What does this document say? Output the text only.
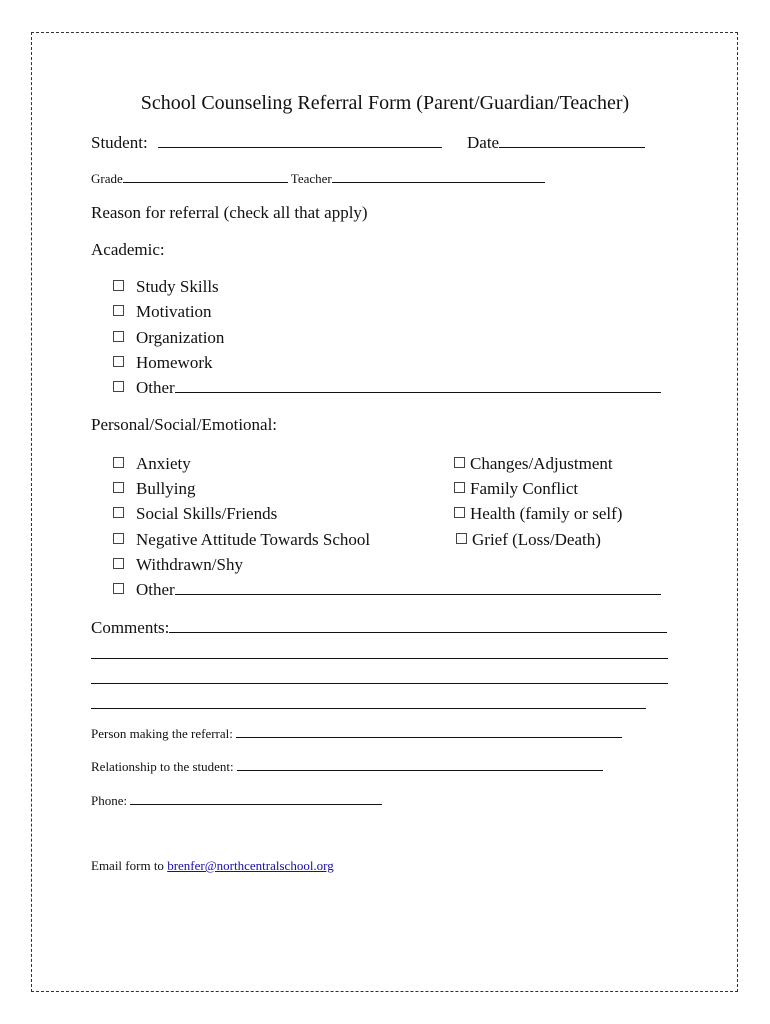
School Counseling Referral Form (Parent/Guardian/Teacher)
Student:	Date
Grade	Teacher
Reason for referral (check all that apply)
Academic:
Study Skills
Motivation
Organization
Homework
Other
Personal/Social/Emotional:
Anxiety
Bullying
Social Skills/Friends
Negative Attitude Towards School
Withdrawn/Shy
Other
Changes/Adjustment
Family Conflict
Health (family or self)
Grief (Loss/Death)
Comments:
Person making the referral:
Relationship to the student:
Phone:
Email form to brenfer@northcentralschool.org
